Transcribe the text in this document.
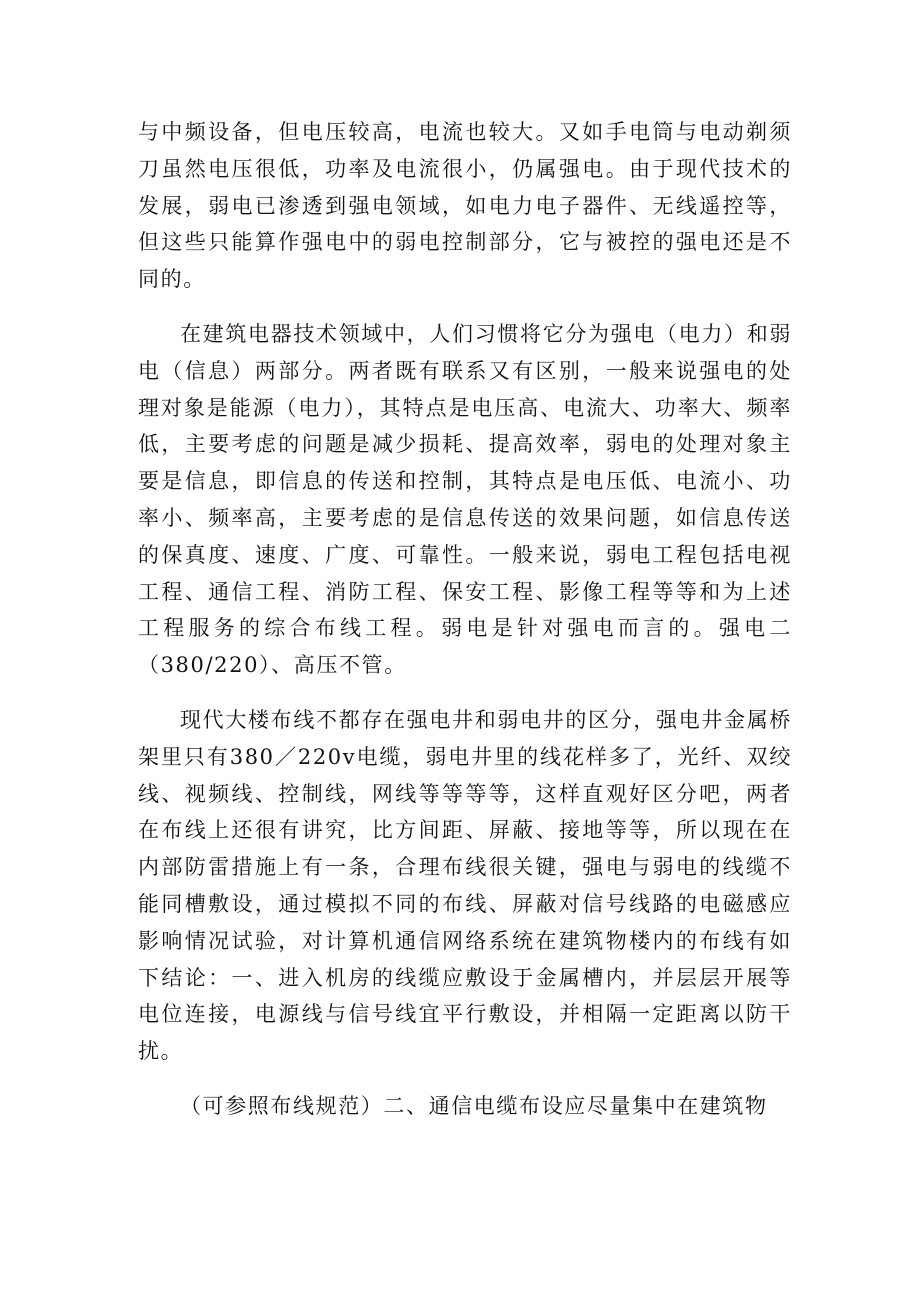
与中频设备，但电压较高，电流也较大。又如手电筒与电动剃须刀虽然电压很低，功率及电流很小，仍属强电。由于现代技术的发展，弱电已渗透到强电领域，如电力电子器件、无线遥控等，但这些只能算作强电中的弱电控制部分，它与被控的强电还是不同的。

在建筑电器技术领域中，人们习惯将它分为强电（电力）和弱电（信息）两部分。两者既有联系又有区别，一般来说强电的处理对象是能源（电力），其特点是电压高、电流大、功率大、频率低，主要考虑的问题是减少损耗、提高效率，弱电的处理对象主要是信息，即信息的传送和控制，其特点是电压低、电流小、功率小、频率高，主要考虑的是信息传送的效果问题，如信息传送的保真度、速度、广度、可靠性。一般来说，弱电工程包括电视工程、通信工程、消防工程、保安工程、影像工程等等和为上述工程服务的综合布线工程。弱电是针对强电而言的。强电二（380/220）、高压不管。

现代大楼布线不都存在强电井和弱电井的区分，强电井金属桥架里只有380／220v电缆，弱电井里的线花样多了，光纤、双绞线、视频线、控制线，网线等等等等，这样直观好区分吧，两者在布线上还很有讲究，比方间距、屏蔽、接地等等，所以现在在内部防雷措施上有一条，合理布线很关键，强电与弱电的线缆不能同槽敷设，通过模拟不同的布线、屏蔽对信号线路的电磁感应影响情况试验，对计算机通信网络系统在建筑物楼内的布线有如下结论：一、进入机房的线缆应敷设于金属槽内，并层层开展等电位连接，电源线与信号线宜平行敷设，并相隔一定距离以防干扰。

（可参照布线规范）二、通信电缆布设应尽量集中在建筑物
